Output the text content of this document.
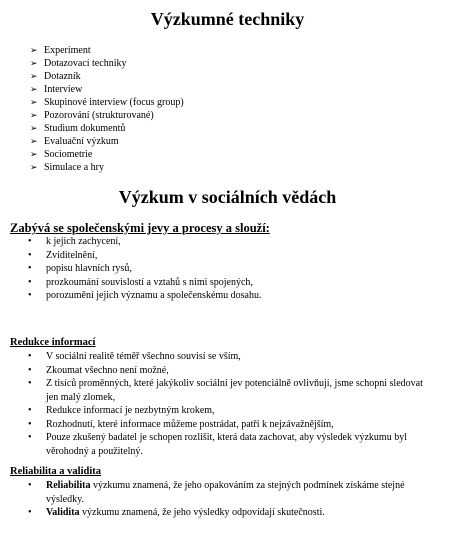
Výzkumné techniky
➢ Experiment
➢ Dotazovací techniky
➢ Dotazník
➢ Interview
➢ Skupinové interview (focus group)
➢ Pozorování (strukturované)
➢ Studium dokumentů
➢ Evaluační výzkum
➢ Sociometrie
➢ Simulace a hry
Výzkum v sociálních vědách
Zabývá se společenskými jevy a procesy a slouží:
• k jejich zachycení,
• Zviditelnění,
• popisu hlavních rysů,
• prozkoumání souvislostí a vztahů s nimi spojených,
• porozumění jejich významu a společenskému dosahu.
Redukce informací
• V sociální realitě téměř všechno souvisí se vším,
• Zkoumat všechno není možné,
• Z tisíců proměnných, které jakýkoliv sociální jev potenciálně ovlivňují, jsme schopni sledovat jen malý zlomek,
• Redukce informací je nezbytným krokem,
• Rozhodnutí, které informace můžeme postrádat, patří k nejzávažnějším,
• Pouze zkušený badatel je schopen rozlišit, která data zachovat, aby výsledek výzkumu byl věrohodný a použitelný.
Reliabilita a validita
• Reliabilita výzkumu znamená, že jeho opakováním za stejných podmínek získáme stejné výsledky.
• Validita výzkumu znamená, že jeho výsledky odpovídají skutečnosti.
